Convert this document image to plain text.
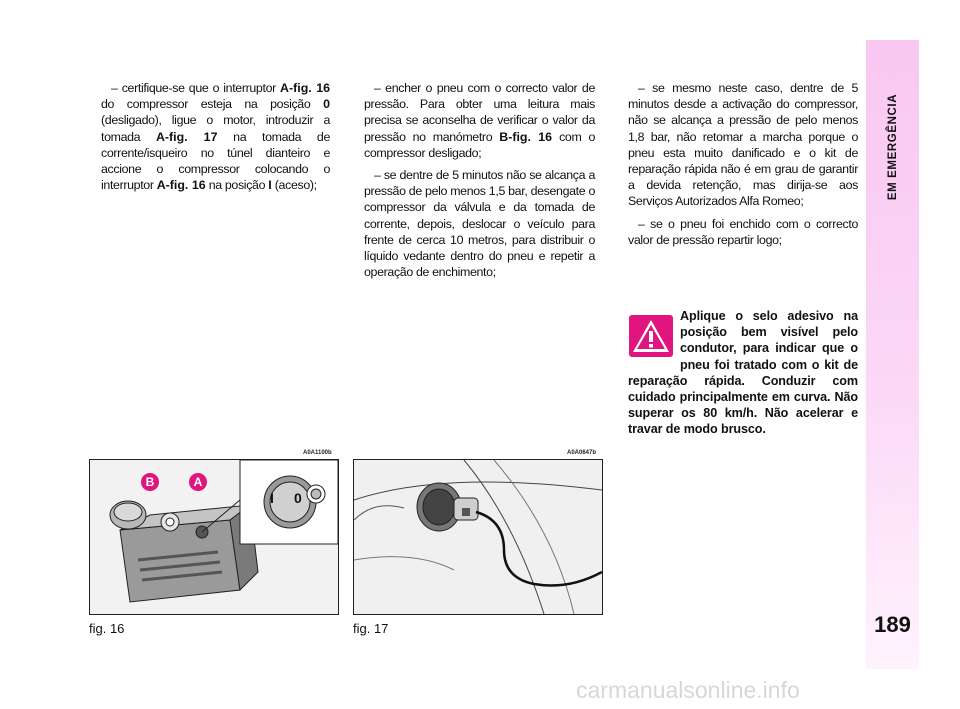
EM EMERGÊNCIA
189

– certifique-se que o interruptor A-fig. 16 do compressor esteja na posição 0 (desligado), ligue o motor, introduzir a tomada A-fig. 17 na tomada de corrente/isqueiro no túnel dianteiro e accione o compressor colocando o interruptor A-fig. 16 na posição I (aceso);

– encher o pneu com o correcto valor de pressão. Para obter uma leitura mais precisa se aconselha de verificar o valor da pressão no manómetro B-fig. 16 com o compressor desligado;

– se dentre de 5 minutos não se alcança a pressão de pelo menos 1,5 bar, desengate o compressor da válvula e da tomada de corrente, depois, deslocar o veículo para frente de cerca 10 metros, para distribuir o líquido vedante dentro do pneu e repetir a operação de enchimento;

– se mesmo neste caso, dentre de 5 minutos desde a activação do compressor, não se alcança a pressão de pelo menos 1,8 bar, não retomar a marcha porque o pneu esta muito danificado e o kit de reparação rápida não é em grau de garantir a devida retenção, mas dirija-se aos Serviços Autorizados Alfa Romeo;

– se o pneu foi enchido com o correcto valor de pressão repartir logo;

Aplique o selo adesivo na posição bem visível pelo condutor, para indicar que o pneu foi tratado com o kit de reparação rápida. Conduzir com cuidado principalmente em curva. Não superar os 80 km/h. Não acelerar e travar de modo brusco.
A0A1100b
B	A
I 0
fig. 16
A0A0647b
fig. 17
carmanualsonline.info
